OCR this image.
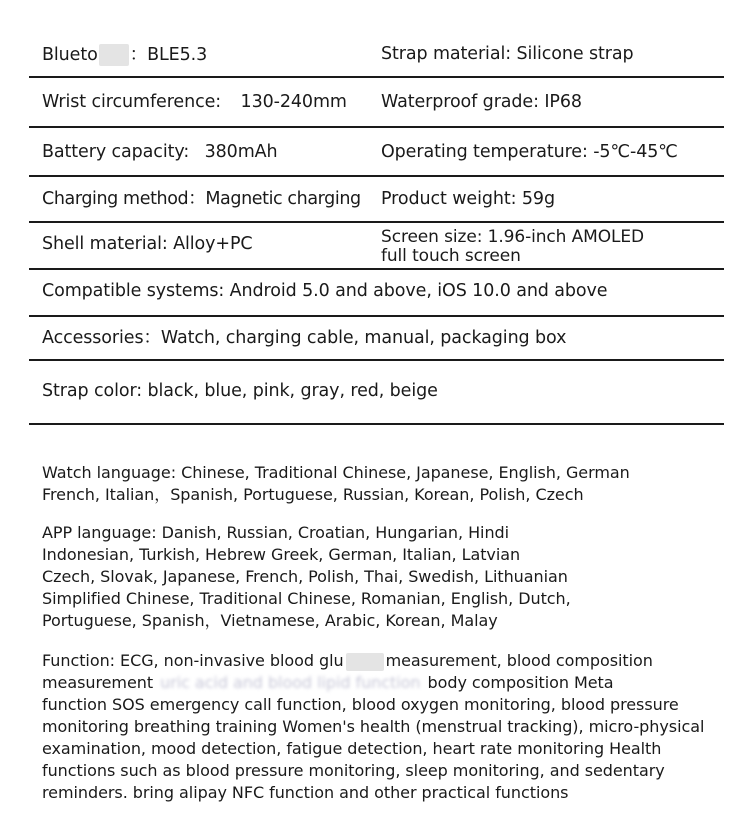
Blueto ：BLE5.3	Strap material: Silicone strap
Wrist circumference: 130-240mm Waterproof grade: IP68
Battery capacity: 380mAh	Operating temperature: -5℃-45℃
Charging method：Magnetic charging Product weight: 59g
Shell material: Alloy+PC	Screen size: 1.96-inch AMOLED
full touch screen
Compatible systems: Android 5.0 and above, iOS 10.0 and above
Accessories：Watch, charging cable, manual, packaging box
Strap color: black, blue, pink, gray, red, beige
Watch language: Chinese, Traditional Chinese, Japanese, English, German
French, Italian，Spanish, Portuguese, Russian, Korean, Polish, Czech
APP language: Danish, Russian, Croatian, Hungarian, Hindi
Indonesian, Turkish, Hebrew Greek, German, Italian, Latvian
Czech, Slovak, Japanese, French, Polish, Thai, Swedish, Lithuanian
Simplified Chinese, Traditional Chinese, Romanian, English, Dutch,
Portuguese, Spanish，Vietnamese, Arabic, Korean, Malay
Function: ECG, non-invasive blood glu	measurement, blood composition
measurement uric acid and blood lipid function body composition Meta
function SOS emergency call function, blood oxygen monitoring, blood pressure
monitoring breathing training Women's health (menstrual tracking), micro-physical
examination, mood detection, fatigue detection, heart rate monitoring Health
functions such as blood pressure monitoring, sleep monitoring, and sedentary
reminders. bring alipay NFC function and other practical functions
